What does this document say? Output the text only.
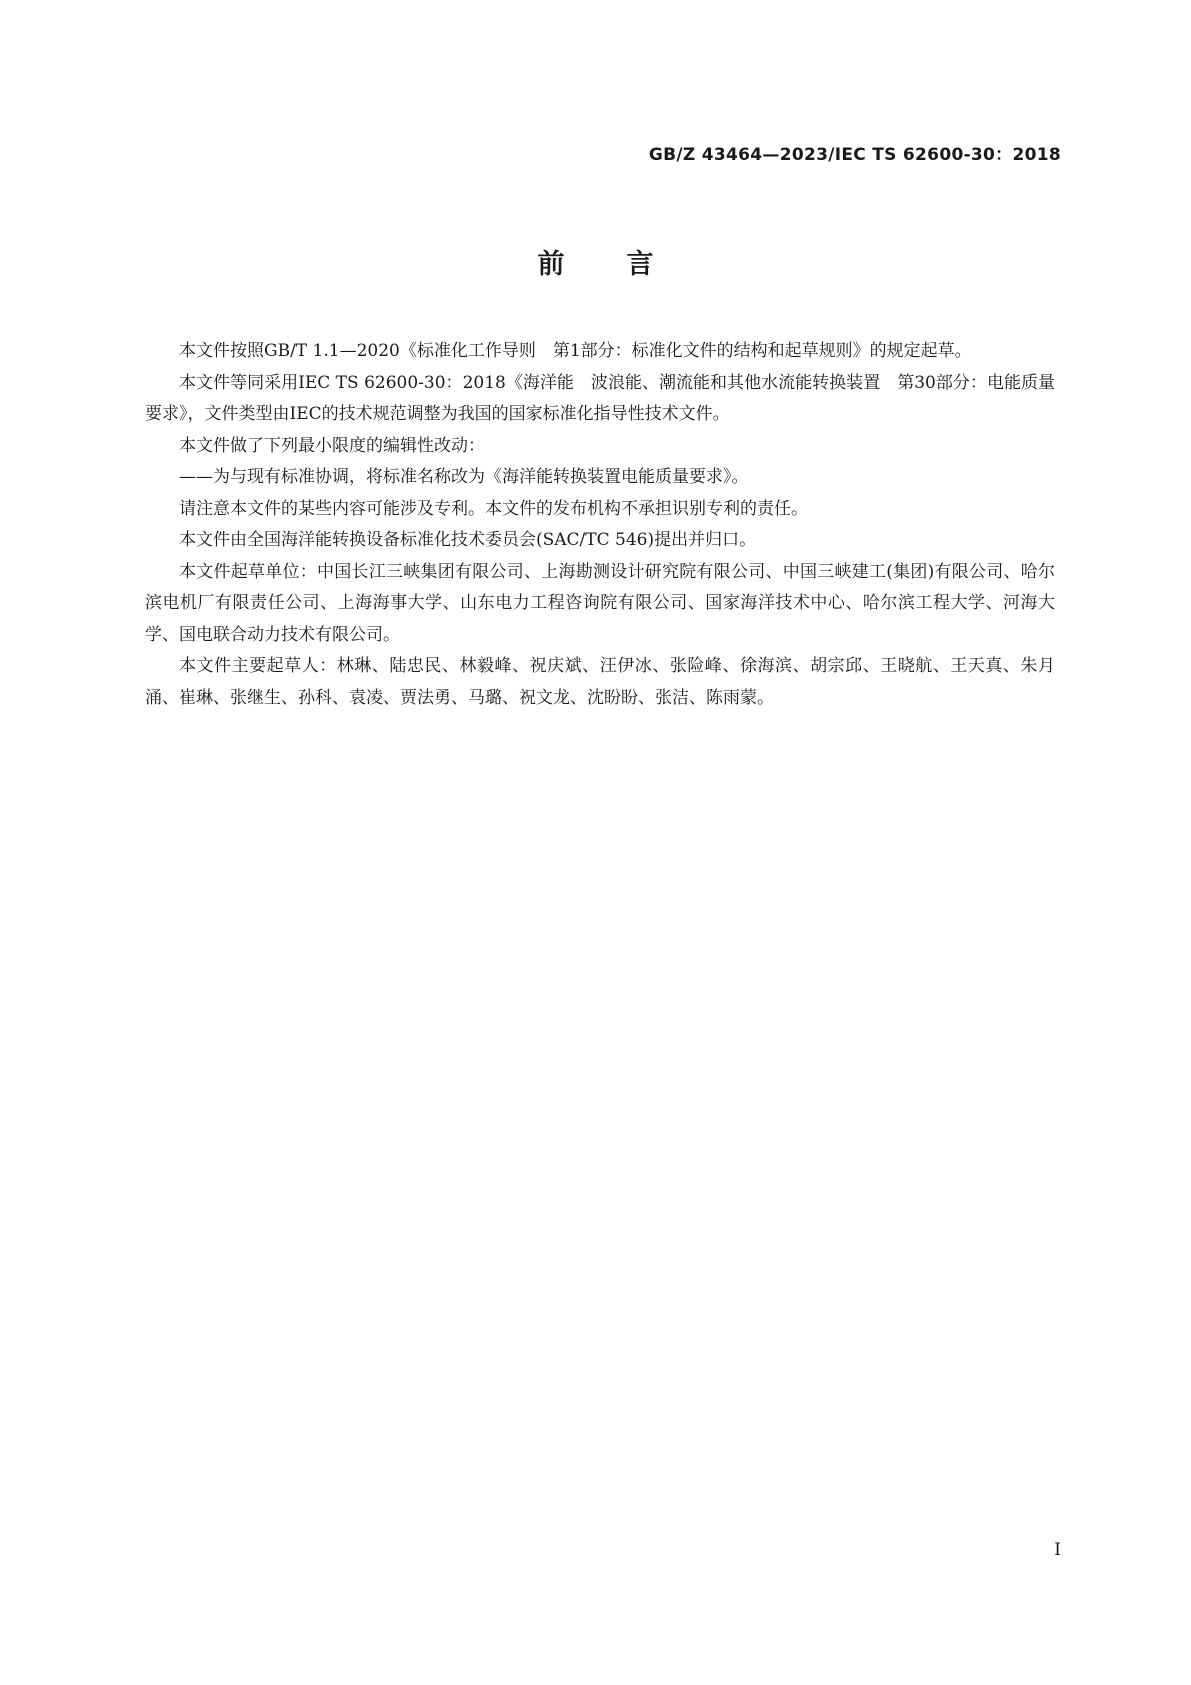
GB/Z 43464—2023/IEC TS 62600-30：2018
前言

本文件按照GB/T 1.1—2020《标准化工作导则　第1部分：标准化文件的结构和起草规则》的规定起草。

本文件等同采用IEC TS 62600-30：2018《海洋能　波浪能、潮流能和其他水流能转换装置　第30部分：电能质量要求》，文件类型由IEC的技术规范调整为我国的国家标准化指导性技术文件。

本文件做了下列最小限度的编辑性改动：

——为与现有标准协调，将标准名称改为《海洋能转换装置电能质量要求》。

请注意本文件的某些内容可能涉及专利。本文件的发布机构不承担识别专利的责任。

本文件由全国海洋能转换设备标准化技术委员会(SAC/TC 546)提出并归口。

本文件起草单位：中国长江三峡集团有限公司、上海勘测设计研究院有限公司、中国三峡建工(集团)有限公司、哈尔滨电机厂有限责任公司、上海海事大学、山东电力工程咨询院有限公司、国家海洋技术中心、哈尔滨工程大学、河海大学、国电联合动力技术有限公司。

本文件主要起草人：林琳、陆忠民、林毅峰、祝庆斌、汪伊冰、张险峰、徐海滨、胡宗邱、王晓航、王天真、朱月涌、崔琳、张继生、孙科、袁凌、贾法勇、马璐、祝文龙、沈盼盼、张洁、陈雨蒙。

I
